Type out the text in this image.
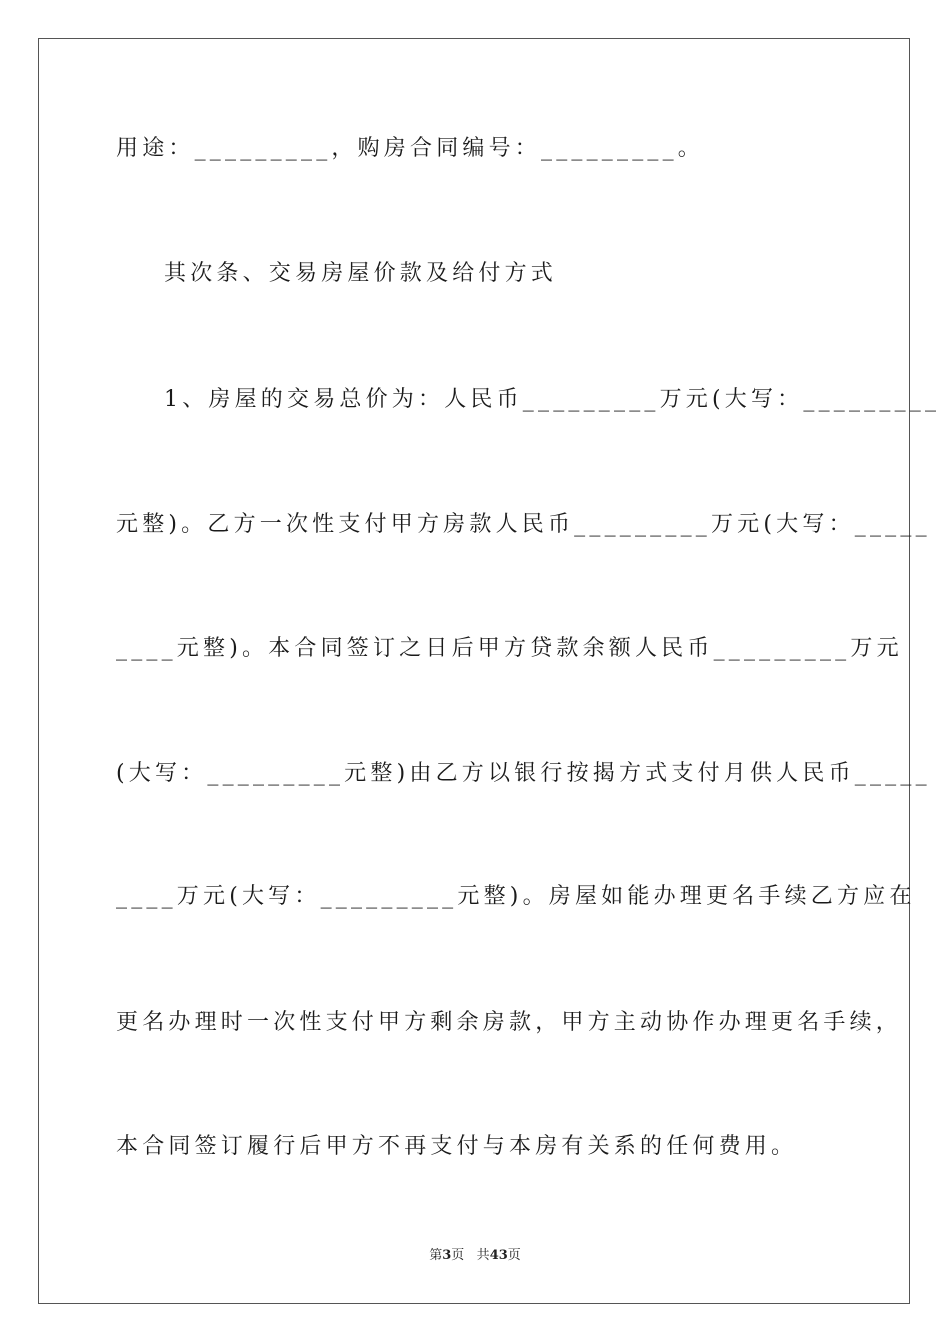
用途：_________，购房合同编号：_________。
其次条、交易房屋价款及给付方式
1、房屋的交易总价为：人民币_________万元(大写：_________
元整)。乙方一次性支付甲方房款人民币_________万元(大写：_____
____元整)。本合同签订之日后甲方贷款余额人民币_________万元
(大写：_________元整)由乙方以银行按揭方式支付月供人民币_____
____万元(大写：_________元整)。房屋如能办理更名手续乙方应在
更名办理时一次性支付甲方剩余房款，甲方主动协作办理更名手续，
本合同签订履行后甲方不再支付与本房有关系的任何费用。
第3页 共43页
